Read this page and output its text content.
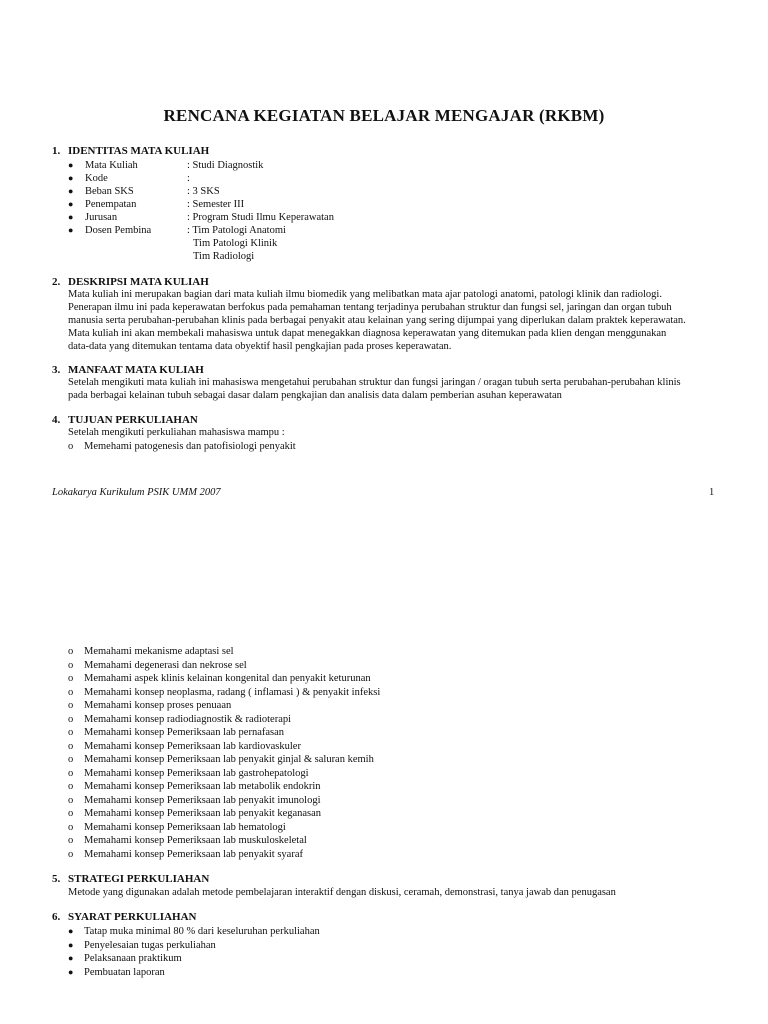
RENCANA KEGIATAN BELAJAR MENGAJAR (RKBM)
1. IDENTITAS MATA KULIAH
● Mata Kuliah	: Studi Diagnostik
● Kode	:
● Beban SKS	: 3 SKS
● Penempatan	: Semester III
● Jurusan	: Program Studi Ilmu Keperawatan
● Dosen Pembina	: Tim Patologi Anatomi
Tim Patologi Klinik
Tim Radiologi
2. DESKRIPSI MATA KULIAH
Mata kuliah ini merupakan bagian dari mata kuliah ilmu biomedik yang melibatkan mata ajar patologi anatomi, patologi klinik dan radiologi.
Penerapan ilmu ini pada keperawatan berfokus pada pemahaman tentang terjadinya perubahan struktur dan fungsi sel, jaringan dan organ tubuh
manusia serta perubahan-perubahan klinis pada berbagai penyakit atau kelainan yang sering dijumpai yang diperlukan dalam praktek keperawatan.
Mata kuliah ini akan membekali mahasiswa untuk dapat menegakkan diagnosa keperawatan yang ditemukan pada klien dengan menggunakan
data-data yang ditemukan tentama data obyektif hasil pengkajian pada proses keperawatan.
3. MANFAAT MATA KULIAH
Setelah mengikuti mata kuliah ini mahasiswa mengetahui perubahan struktur dan fungsi jaringan / oragan tubuh serta perubahan-perubahan klinis
pada berbagai kelainan tubuh sebagai dasar dalam pengkajian dan analisis data dalam pemberian asuhan keperawatan
4. TUJUAN PERKULIAHAN
Setelah mengikuti perkuliahan mahasiswa mampu :
o Memehami patogenesis dan patofisiologi penyakit
Lokakarya Kurikulum PSIK UMM 2007	1
o Memahami mekanisme adaptasi sel
o Memahami degenerasi dan nekrose sel
o Memahami aspek klinis kelainan kongenital dan penyakit keturunan
o Memahami konsep neoplasma, radang ( inflamasi ) & penyakit infeksi
o Memahami konsep proses penuaan
o Memahami konsep radiodiagnostik & radioterapi
o Memahami konsep Pemeriksaan lab pernafasan
o Memahami konsep Pemeriksaan lab kardiovaskuler
o Memahami konsep Pemeriksaan lab penyakit ginjal & saluran kemih
o Memahami konsep Pemeriksaan lab gastrohepatologi
o Memahami konsep Pemeriksaan lab metabolik endokrin
o Memahami konsep Pemeriksaan lab penyakit imunologi
o Memahami konsep Pemeriksaan lab penyakit keganasan
o Memahami konsep Pemeriksaan lab hematologi
o Memahami konsep Pemeriksaan lab muskuloskeletal
o Memahami konsep Pemeriksaan lab penyakit syaraf
5. STRATEGI PERKULIAHAN
Metode yang digunakan adalah metode pembelajaran interaktif dengan diskusi, ceramah, demonstrasi, tanya jawab dan penugasan
6. SYARAT PERKULIAHAN
● Tatap muka minimal 80 % dari keseluruhan perkuliahan
● Penyelesaian tugas perkuliahan
● Pelaksanaan praktikum
● Pembuatan laporan
